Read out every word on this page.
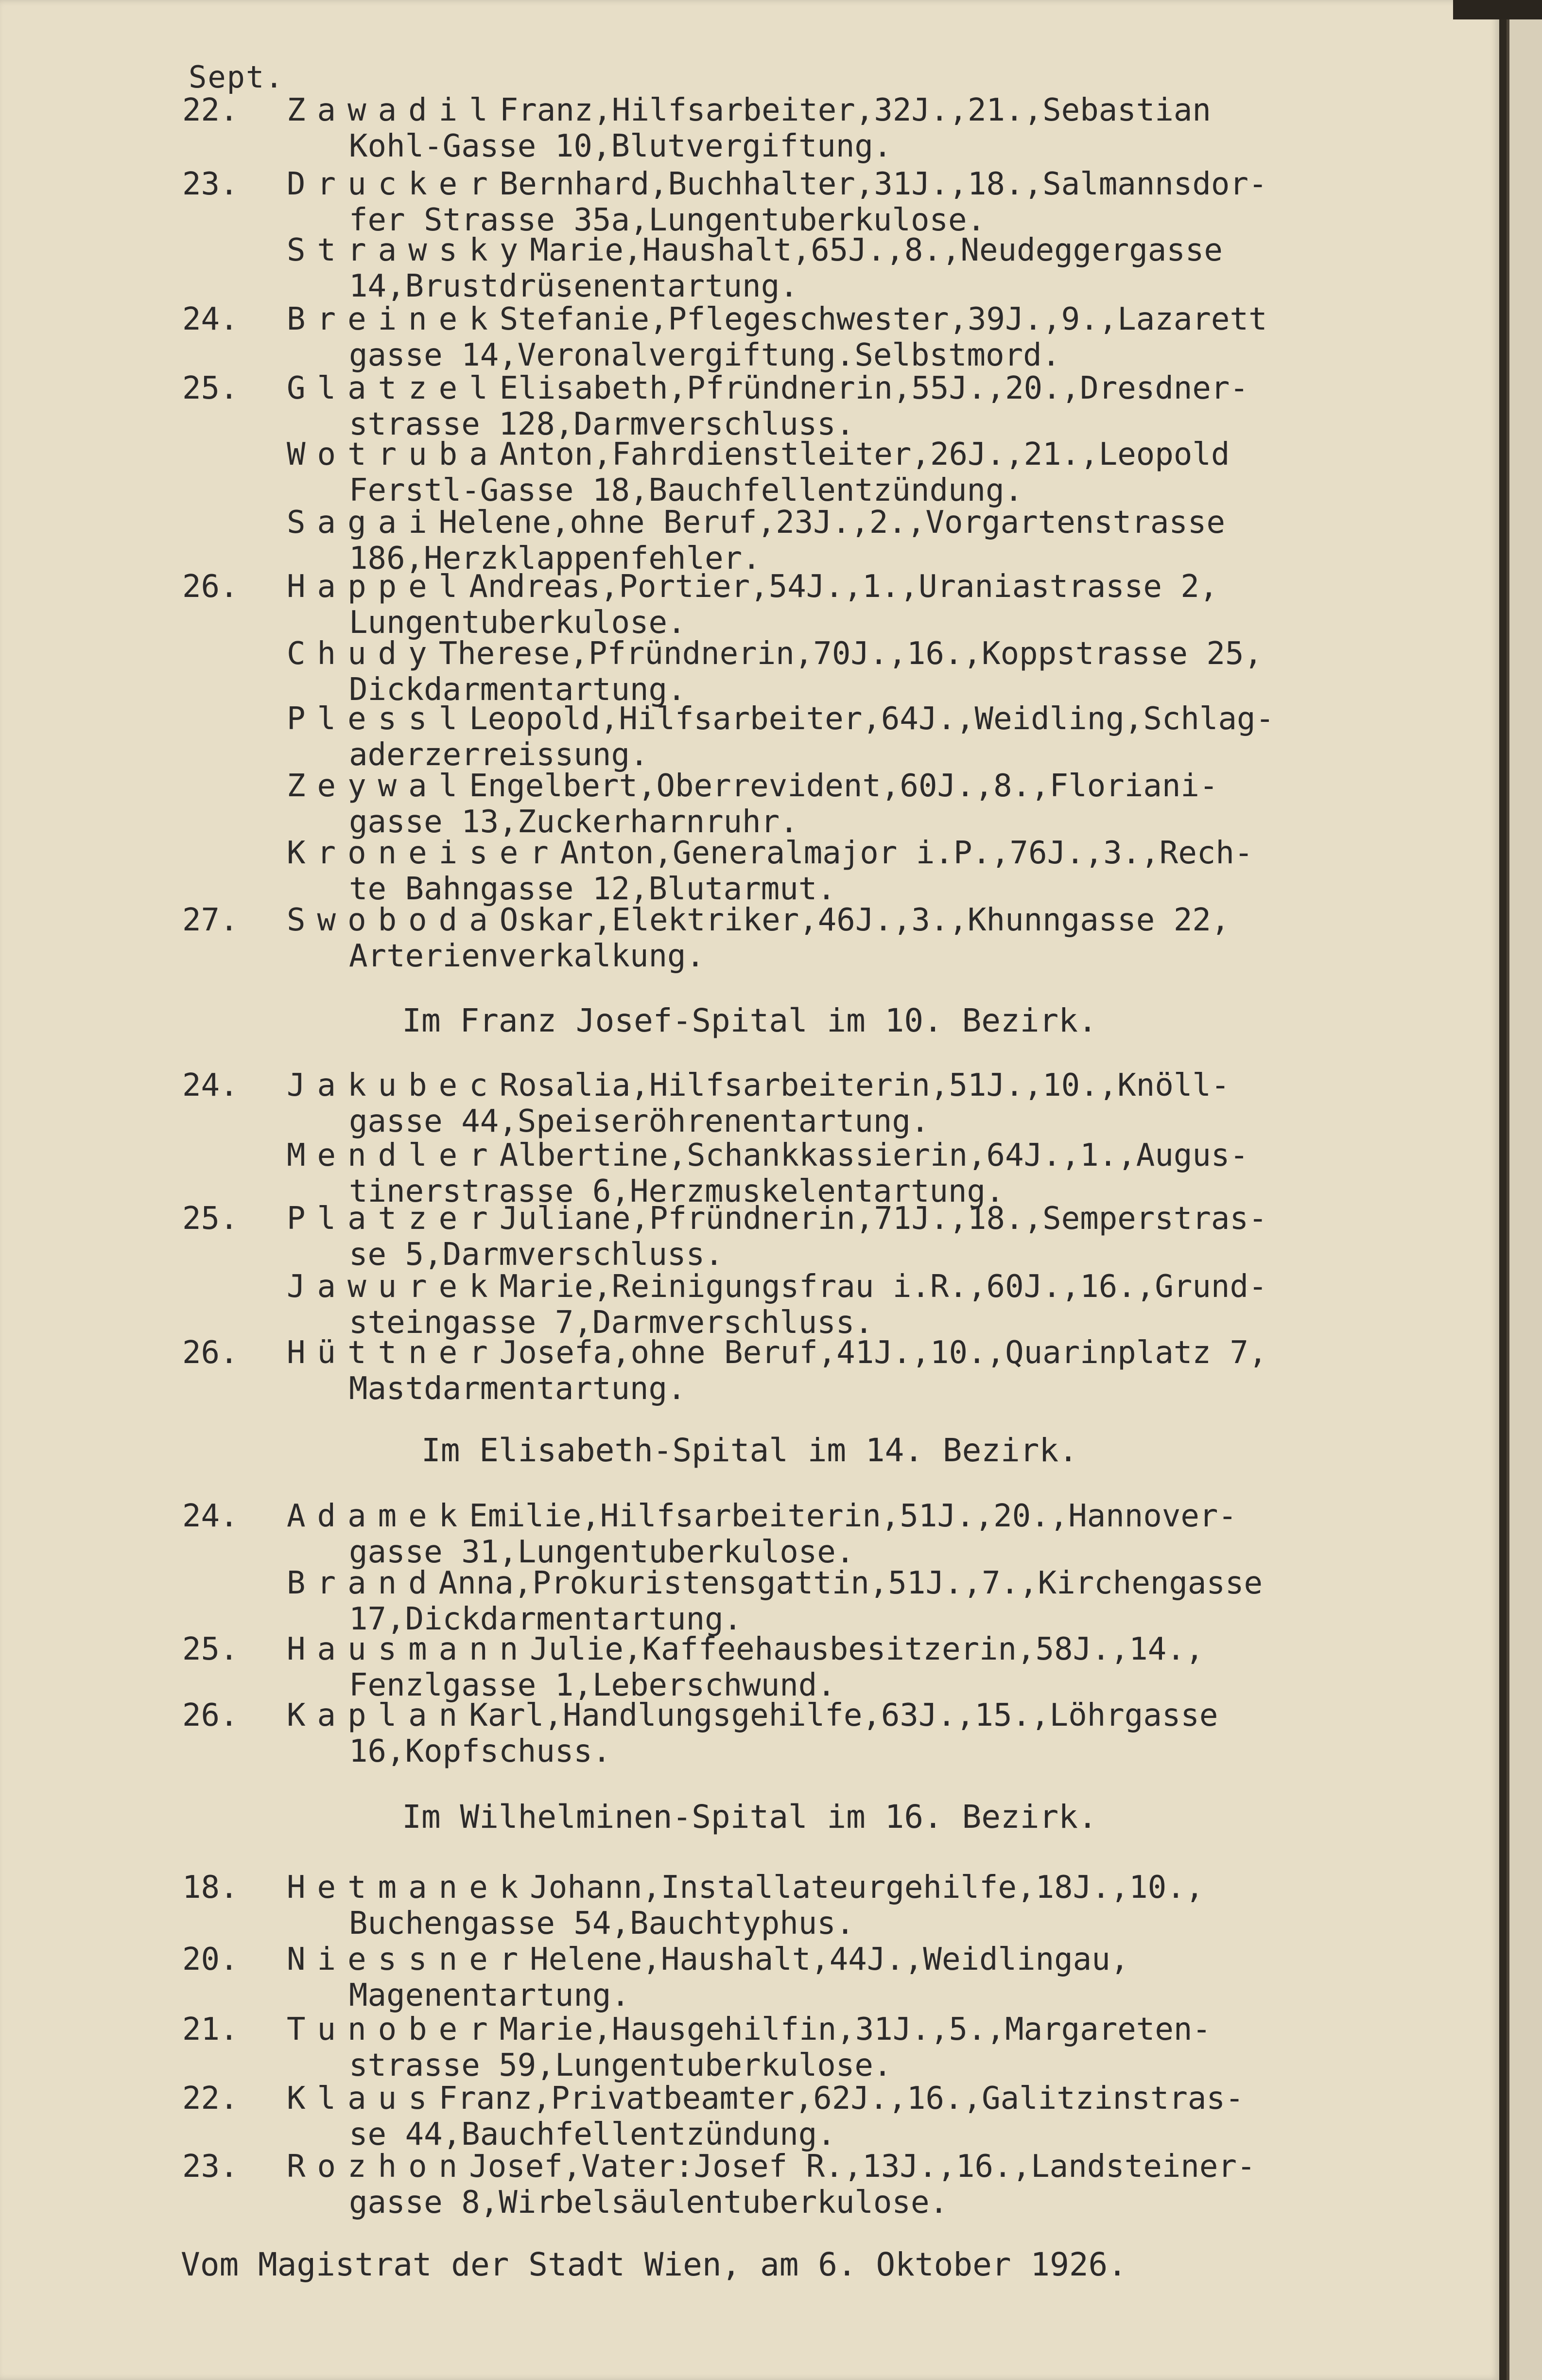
Sept.
22.	ZawadilFranz,Hilfsarbeiter,32J.,21.,Sebastian
Kohl-Gasse 10,Blutvergiftung.
23.	DruckerBernhard,Buchhalter,31J.,18.,Salmannsdor-
fer Strasse 35a,Lungentuberkulose.
StrawskyMarie,Haushalt,65J.,8.,Neudeggergasse
14,Brustdrüsenentartung.
24.	BreinekStefanie,Pflegeschwester,39J.,9.,Lazarett
gasse 14,Veronalvergiftung.Selbstmord.
25.	GlatzelElisabeth,Pfründnerin,55J.,20.,Dresdner-
strasse 128,Darmverschluss.
WotrubaAnton,Fahrdienstleiter,26J.,21.,Leopold
Ferstl-Gasse 18,Bauchfellentzündung.
SagaiHelene,ohne Beruf,23J.,2.,Vorgartenstrasse
186,Herzklappenfehler.
26.	HappelAndreas,Portier,54J.,1.,Uraniastrasse 2,
Lungentuberkulose.
ChudyTherese,Pfründnerin,70J.,16.,Koppstrasse 25,
Dickdarmentartung.
PlesslLeopold,Hilfsarbeiter,64J.,Weidling,Schlag-
aderzerreissung.
ZeywalEngelbert,Oberrevident,60J.,8.,Floriani-
gasse 13,Zuckerharnruhr.
KroneiserAnton,Generalmajor i.P.,76J.,3.,Rech-
te Bahngasse 12,Blutarmut.
27.	SwobodaOskar,Elektriker,46J.,3.,Khunngasse 22,
Arterienverkalkung.
Im Franz Josef-Spital im 10. Bezirk.
24.	JakubecRosalia,Hilfsarbeiterin,51J.,10.,Knöll-
gasse 44,Speiseröhrenentartung.
MendlerAlbertine,Schankkassierin,64J.,1.,Augus-
tinerstrasse 6,Herzmuskelentartung.
25.	PlatzerJuliane,Pfründnerin,71J.,18.,Semperstras-
se 5,Darmverschluss.
JawurekMarie,Reinigungsfrau i.R.,60J.,16.,Grund-
steingasse 7,Darmverschluss.
26.	HüttnerJosefa,ohne Beruf,41J.,10.,Quarinplatz 7,
Mastdarmentartung.
Im Elisabeth-Spital im 14. Bezirk.
24.	AdamekEmilie,Hilfsarbeiterin,51J.,20.,Hannover-
gasse 31,Lungentuberkulose.
BrandAnna,Prokuristensgattin,51J.,7.,Kirchengasse
17,Dickdarmentartung.
25.	HausmannJulie,Kaffeehausbesitzerin,58J.,14.,
Fenzlgasse 1,Leberschwund.
26.	KaplanKarl,Handlungsgehilfe,63J.,15.,Löhrgasse
16,Kopfschuss.
Im Wilhelminen-Spital im 16. Bezirk.
18.	HetmanekJohann,Installateurgehilfe,18J.,10.,
Buchengasse 54,Bauchtyphus.
20.	NiessnerHelene,Haushalt,44J.,Weidlingau,
Magenentartung.
21.	TunoberMarie,Hausgehilfin,31J.,5.,Margareten-
strasse 59,Lungentuberkulose.
22.	KlausFranz,Privatbeamter,62J.,16.,Galitzinstras-
se 44,Bauchfellentzündung.
23.	RozhonJosef,Vater:Josef R.,13J.,16.,Landsteiner-
gasse 8,Wirbelsäulentuberkulose.
Vom Magistrat der Stadt Wien, am 6. Oktober 1926.
